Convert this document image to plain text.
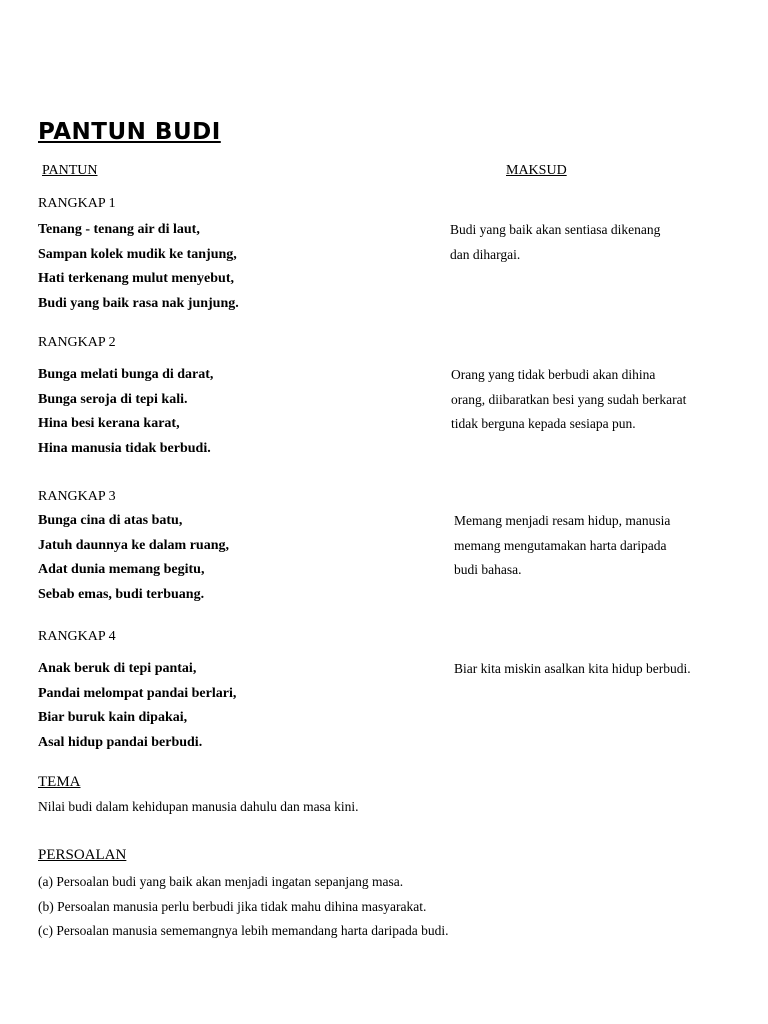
PANTUN BUDI
PANTUN	MAKSUD
RANGKAP 1
Tenang - tenang air di laut,
Sampan kolek mudik ke tanjung,
Hati terkenang mulut menyebut,
Budi yang baik rasa nak junjung.
Budi yang baik akan sentiasa dikenang
dan dihargai.
RANGKAP 2
Bunga melati bunga di darat,
Bunga seroja di tepi kali.
Hina besi kerana karat,
Hina manusia tidak berbudi.
Orang yang tidak berbudi akan dihina
orang, diibaratkan besi yang sudah berkarat
tidak berguna kepada sesiapa pun.
RANGKAP 3
Bunga cina di atas batu,
Jatuh daunnya ke dalam ruang,
Adat dunia memang begitu,
Sebab emas, budi terbuang.
Memang menjadi resam hidup, manusia
memang mengutamakan harta daripada
budi bahasa.
RANGKAP 4
Anak beruk di tepi pantai,
Pandai melompat pandai berlari,
Biar buruk kain dipakai,
Asal hidup pandai berbudi.
Biar kita miskin asalkan kita hidup berbudi.
TEMA
Nilai budi dalam kehidupan manusia dahulu dan masa kini.
PERSOALAN
(a) Persoalan budi yang baik akan menjadi ingatan sepanjang masa.
(b) Persoalan manusia perlu berbudi jika tidak mahu dihina masyarakat.
(c) Persoalan manusia sememangnya lebih memandang harta daripada budi.
